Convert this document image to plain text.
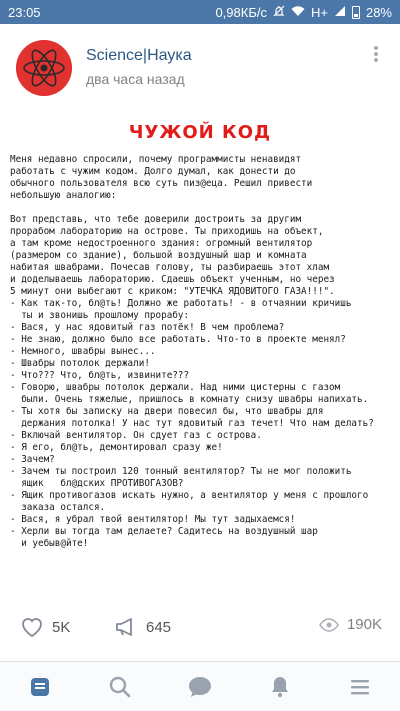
23:05	0,98КБ/с	H+	28%
Science|Наука
два часа назад
ЧУЖОЙ КОД
Меня недавно спросили, почему программисты ненавидят
работать с чужим кодом. Долго думал, как донести до
обычного пользователя всю суть пиз@еца. Решил привести
небольшую аналогию:

Вот представь, что тебе доверили достроить за другим
прорабом лабораторию на острове. Ты приходишь на объект,
а там кроме недостроенного здания: огромный вентилятор
(размером со здание), большой воздушный шар и комната
набитая швабрами. Почесав голову, ты разбираешь этот хлам
и доделываешь лабораторию. Сдаешь объект ученным, но через
5 минут они выбегают с криком: "УТЕЧКА ЯДОВИТОГО ГАЗА!!!".
- Как так-то, бл@ть! Должно же работать! - в отчаянии кричишь
ты и звонишь прошлому прорабу:
- Вася, у нас ядовитый газ потёк! В чем проблема?
- Не знаю, должно было все работать. Что-то в проекте менял?
- Немного, швабры вынес...
- Швабры потолок держали!
- Что??? Что, бл@ть, извините???
- Говорю, швабры потолок держали. Над ними цистерны с газом
были. Очень тяжелые, пришлось в комнату снизу швабры напихать.
- Ты хотя бы записку на двери повесил бы, что швабры для
держания потолка! У нас тут ядовитый газ течет! Что нам делать?
- Включай вентилятор. Он сдует газ с острова.
- Я его, бл@ть, демонтировал сразу же!
- Зачем?
- Зачем ты построил 120 тонный вентилятор? Ты не мог положить
ящик   бл@дских ПРОТИВОГАЗОВ?
- Ящик противогазов искать нужно, а вентилятор у меня с прошлого
заказа остался.
- Вася, я убрал твой вентилятор! Мы тут задыхаемся!
- Херли вы тогда там делаете? Садитесь на воздушный шар
и уебыв@йте!
5K	645	190K
